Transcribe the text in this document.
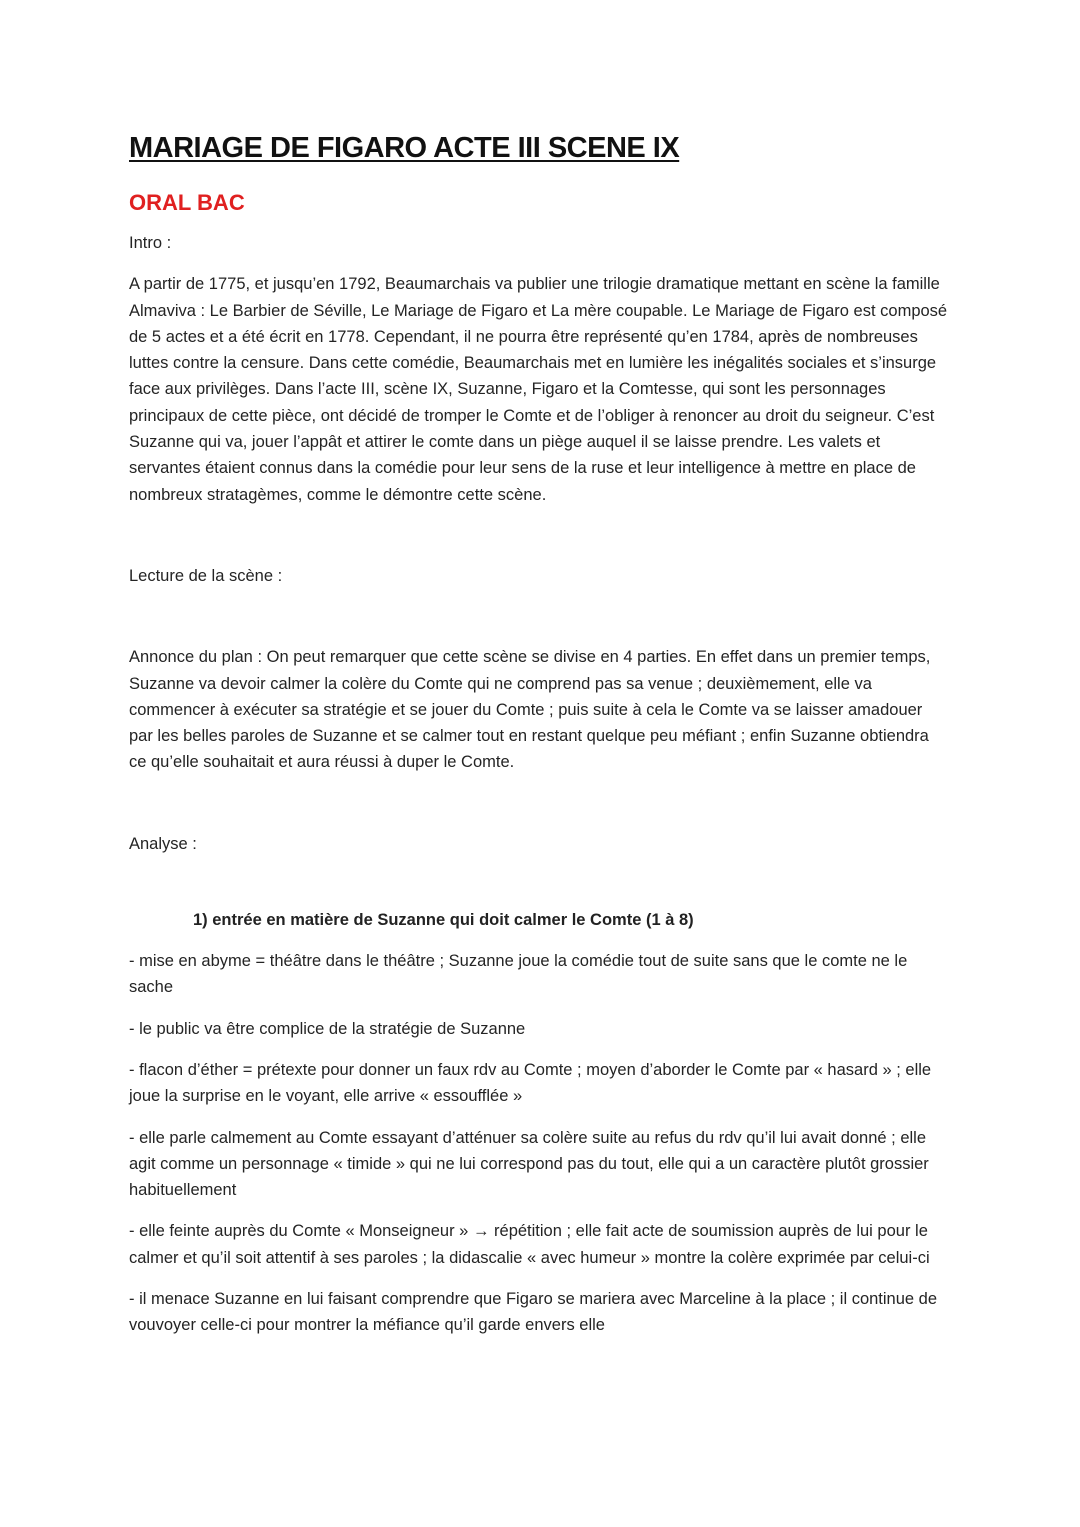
MARIAGE DE FIGARO ACTE III SCENE IX
ORAL BAC

Intro :

A partir de 1775, et jusqu’en 1792, Beaumarchais va publier une trilogie dramatique mettant en scène la famille Almaviva : Le Barbier de Séville, Le Mariage de Figaro et La mère coupable. Le Mariage de Figaro est composé de 5 actes et a été écrit en 1778. Cependant, il ne pourra être représenté qu’en 1784, après de nombreuses luttes contre la censure. Dans cette comédie, Beaumarchais met en lumière les inégalités sociales et s’insurge face aux privilèges. Dans l’acte III, scène IX, Suzanne, Figaro et la Comtesse, qui sont les personnages principaux de cette pièce, ont décidé de tromper le Comte et de l’obliger à renoncer au droit du seigneur. C’est Suzanne qui va, jouer l’appât et attirer le comte dans un piège auquel il se laisse prendre. Les valets et servantes étaient connus dans la comédie pour leur sens de la ruse et leur intelligence à mettre en place de nombreux stratagèmes, comme le démontre cette scène.

Lecture de la scène :

Annonce du plan : On peut remarquer que cette scène se divise en 4 parties. En effet dans un premier temps, Suzanne va devoir calmer la colère du Comte qui ne comprend pas sa venue ; deuxièmement, elle va commencer à exécuter sa stratégie et se jouer du Comte ; puis suite à cela le Comte va se laisser amadouer par les belles paroles de Suzanne et se calmer tout en restant quelque peu méfiant ; enfin Suzanne obtiendra ce qu’elle souhaitait et aura réussi à duper le Comte.

Analyse :

1) entrée en matière de Suzanne qui doit calmer le Comte (1 à 8)

- mise en abyme = théâtre dans le théâtre ; Suzanne joue la comédie tout de suite sans que le comte ne le sache

- le public va être complice de la stratégie de Suzanne

- flacon d’éther = prétexte pour donner un faux rdv au Comte ; moyen d’aborder le Comte par « hasard » ; elle joue la surprise en le voyant, elle arrive « essoufflée »

- elle parle calmement au Comte essayant d’atténuer sa colère suite au refus du rdv qu’il lui avait donné ; elle agit comme un personnage « timide » qui ne lui correspond pas du tout, elle qui a un caractère plutôt grossier habituellement

- elle feinte auprès du Comte « Monseigneur » → répétition ; elle fait acte de soumission auprès de lui pour le calmer et qu’il soit attentif à ses paroles ; la didascalie « avec humeur » montre la colère exprimée par celui-ci

- il menace Suzanne en lui faisant comprendre que Figaro se mariera avec Marceline à la place ; il continue de vouvoyer celle-ci pour montrer la méfiance qu’il garde envers elle
